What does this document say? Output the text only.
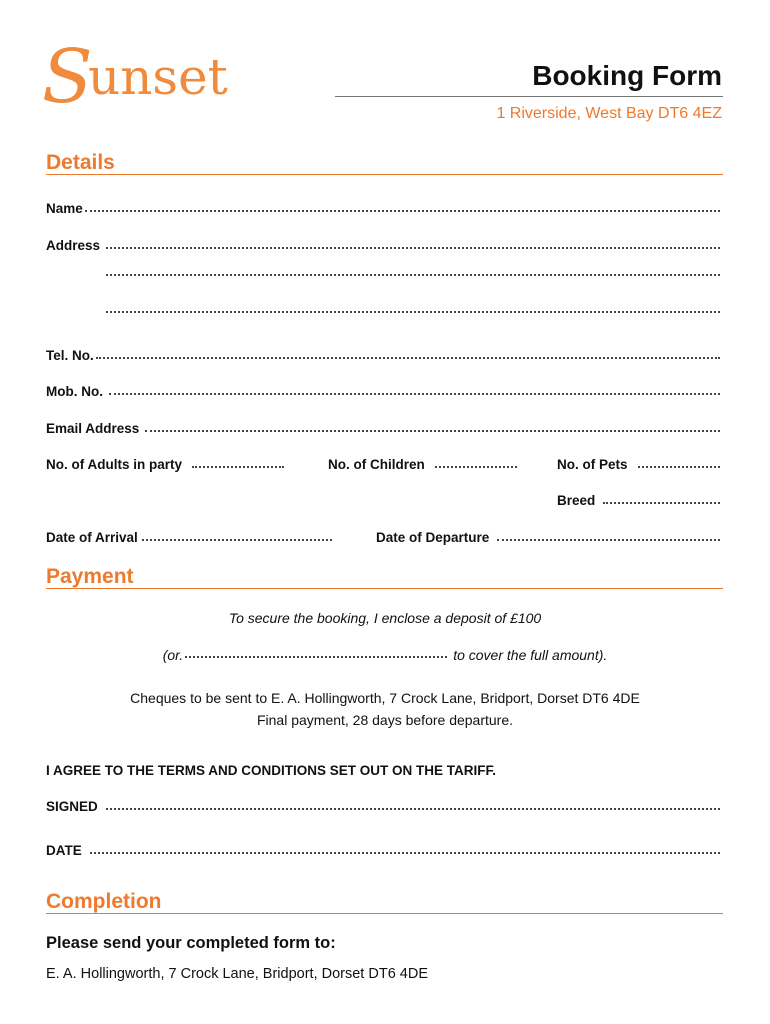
S
unset	Booking Form
1 Riverside, West Bay DT6 4EZ
Details
Name
Address
Tel. No.
Mob. No.
Email Address
No. of Adults in party	No. of Children	No. of Pets
Breed
Date of Arrival	Date of Departure
Payment
To secure the booking, I enclose a deposit of £100
(or.	to cover the full amount).
Cheques to be sent to E. A. Hollingworth, 7 Crock Lane, Bridport, Dorset DT6 4DE
Final payment, 28 days before departure.
I AGREE TO THE TERMS AND CONDITIONS SET OUT ON THE TARIFF.
SIGNED
DATE
Completion
Please send your completed form to:
E. A. Hollingworth, 7 Crock Lane, Bridport, Dorset DT6 4DE
